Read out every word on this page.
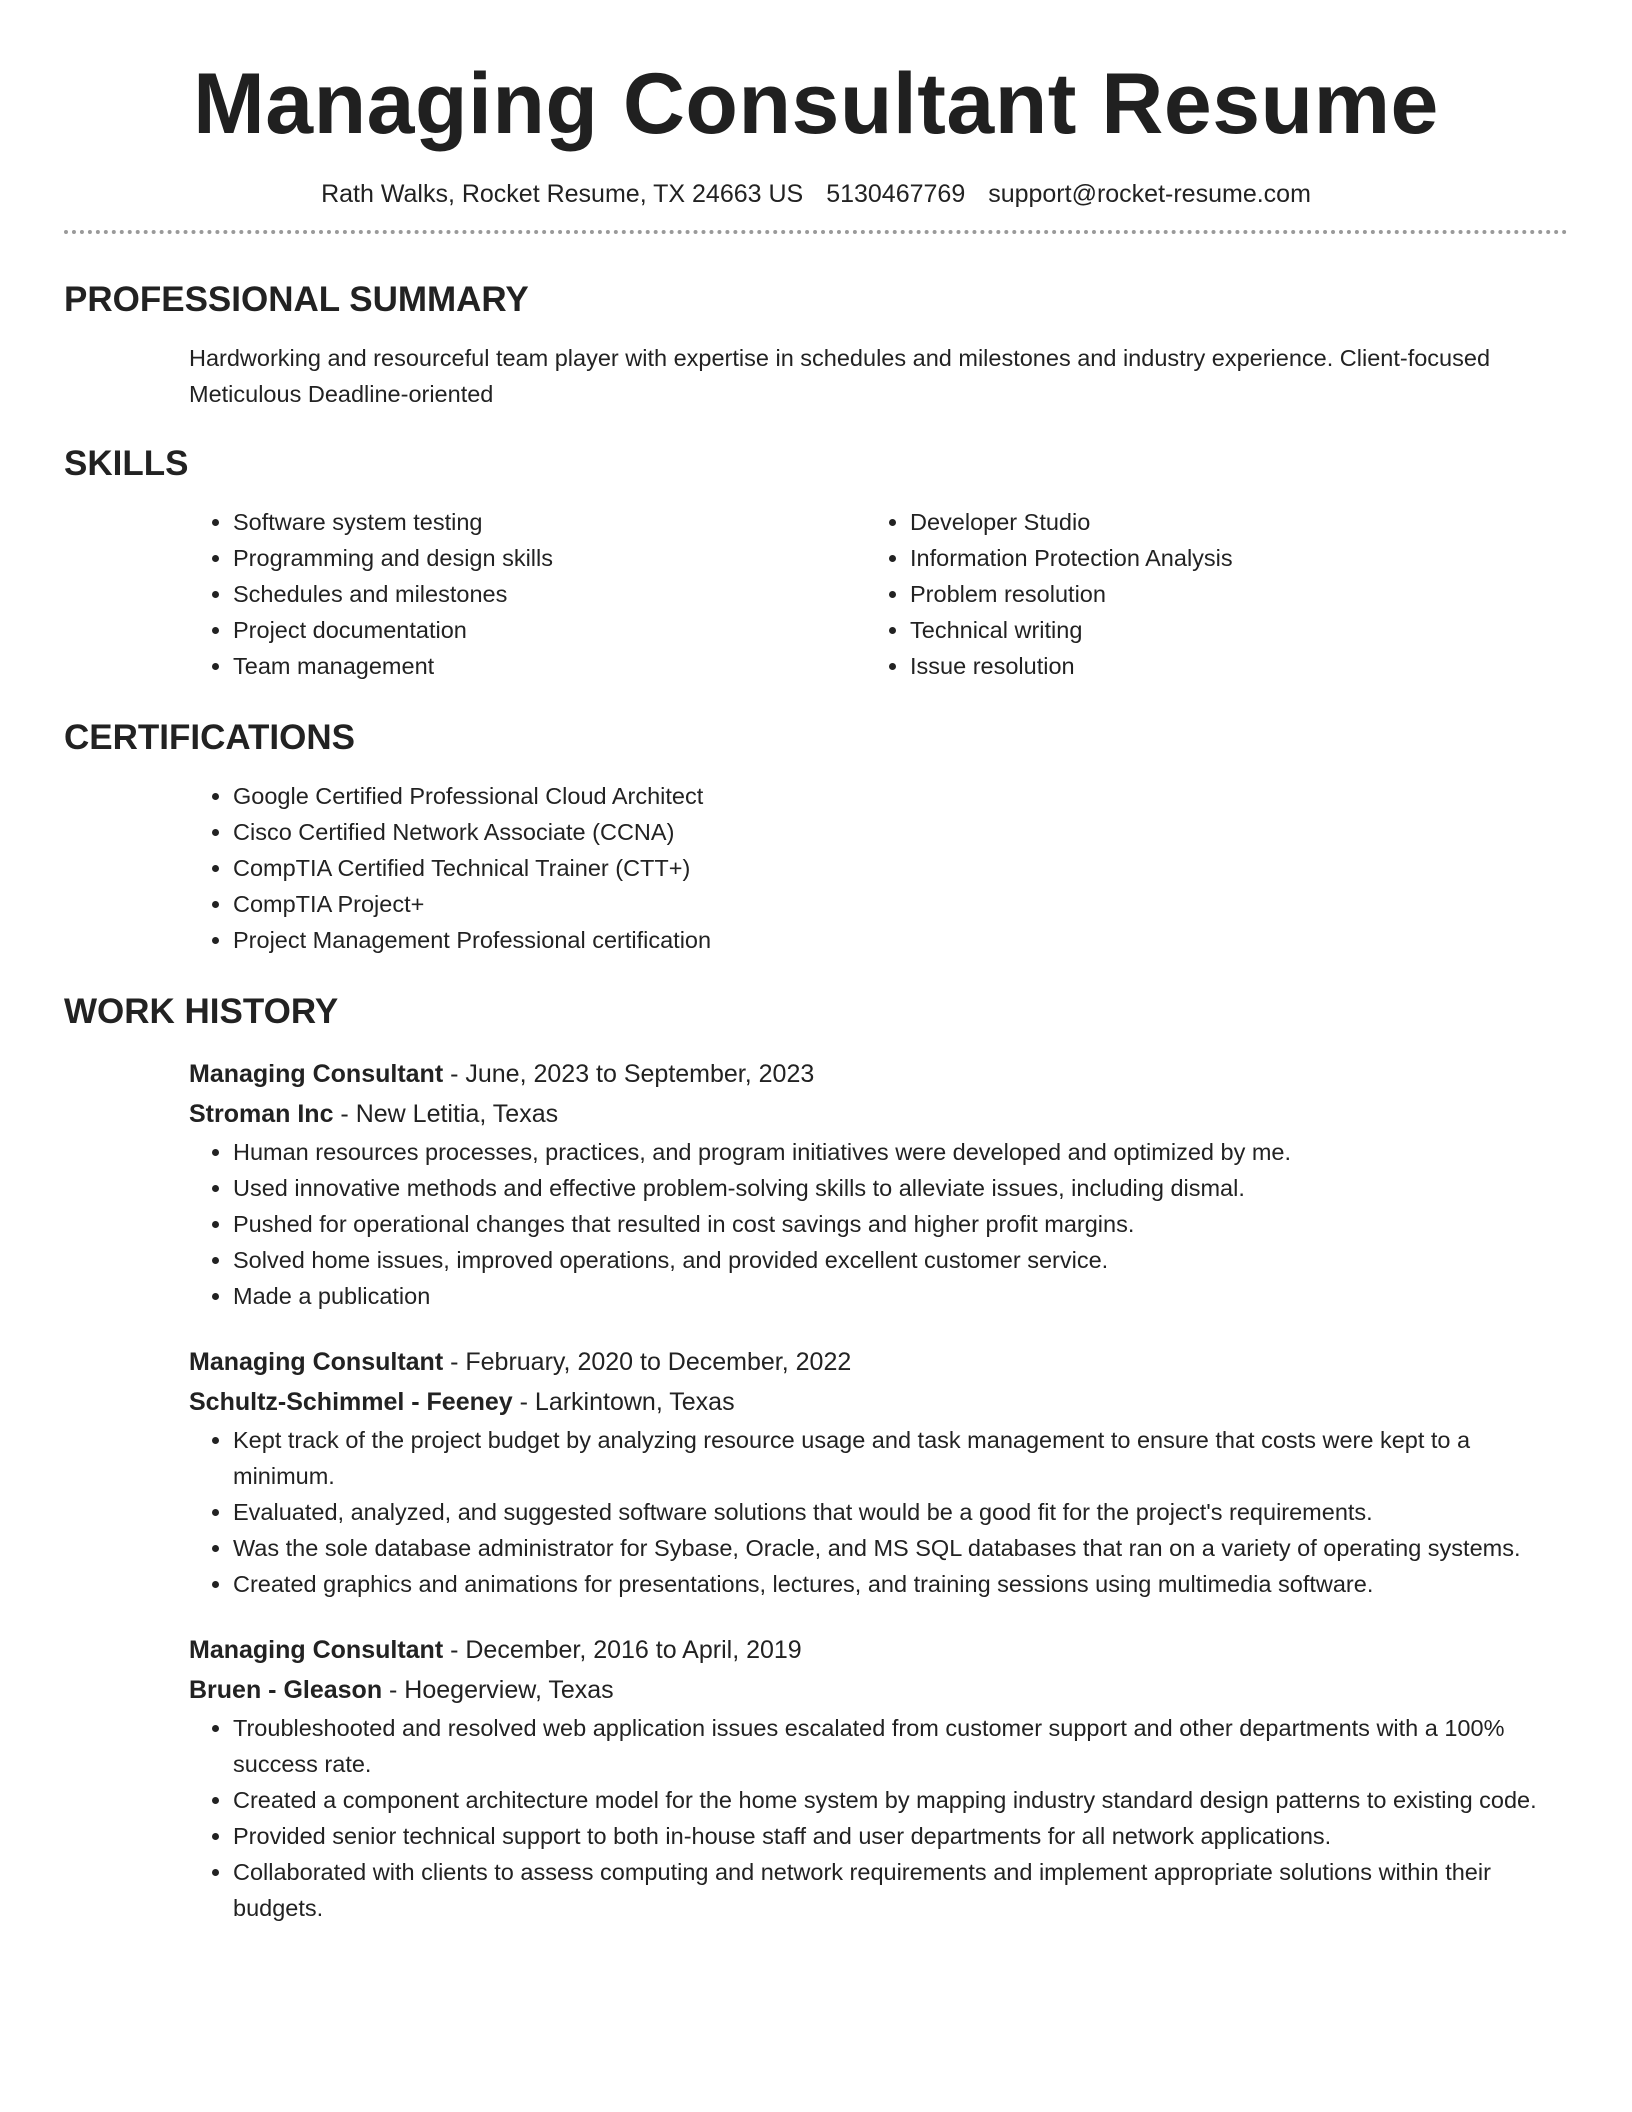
Managing Consultant Resume
Rath Walks, Rocket Resume, TX 24663 US 5130467769 support@rocket-resume.com
PROFESSIONAL SUMMARY
Hardworking and resourceful team player with expertise in schedules and milestones and industry experience. Client-focused Meticulous Deadline-oriented
SKILLS
• Software system testing
• Programming and design skills
• Schedules and milestones
• Project documentation
• Team management
• Developer Studio
• Information Protection Analysis
• Problem resolution
• Technical writing
• Issue resolution
CERTIFICATIONS
• Google Certified Professional Cloud Architect
• Cisco Certified Network Associate (CCNA)
• CompTIA Certified Technical Trainer (CTT+)
• CompTIA Project+
• Project Management Professional certification
WORK HISTORY
Managing Consultant - June, 2023 to September, 2023
Stroman Inc - New Letitia, Texas
• Human resources processes, practices, and program initiatives were developed and optimized by me.
• Used innovative methods and effective problem-solving skills to alleviate issues, including dismal.
• Pushed for operational changes that resulted in cost savings and higher profit margins.
• Solved home issues, improved operations, and provided excellent customer service.
• Made a publication
Managing Consultant - February, 2020 to December, 2022
Schultz-Schimmel - Feeney - Larkintown, Texas
• Kept track of the project budget by analyzing resource usage and task management to ensure that costs were kept to a minimum.
• Evaluated, analyzed, and suggested software solutions that would be a good fit for the project's requirements.
• Was the sole database administrator for Sybase, Oracle, and MS SQL databases that ran on a variety of operating systems.
• Created graphics and animations for presentations, lectures, and training sessions using multimedia software.
Managing Consultant - December, 2016 to April, 2019
Bruen - Gleason - Hoegerview, Texas
• Troubleshooted and resolved web application issues escalated from customer support and other departments with a 100% success rate.
• Created a component architecture model for the home system by mapping industry standard design patterns to existing code.
• Provided senior technical support to both in-house staff and user departments for all network applications.
• Collaborated with clients to assess computing and network requirements and implement appropriate solutions within their budgets.
